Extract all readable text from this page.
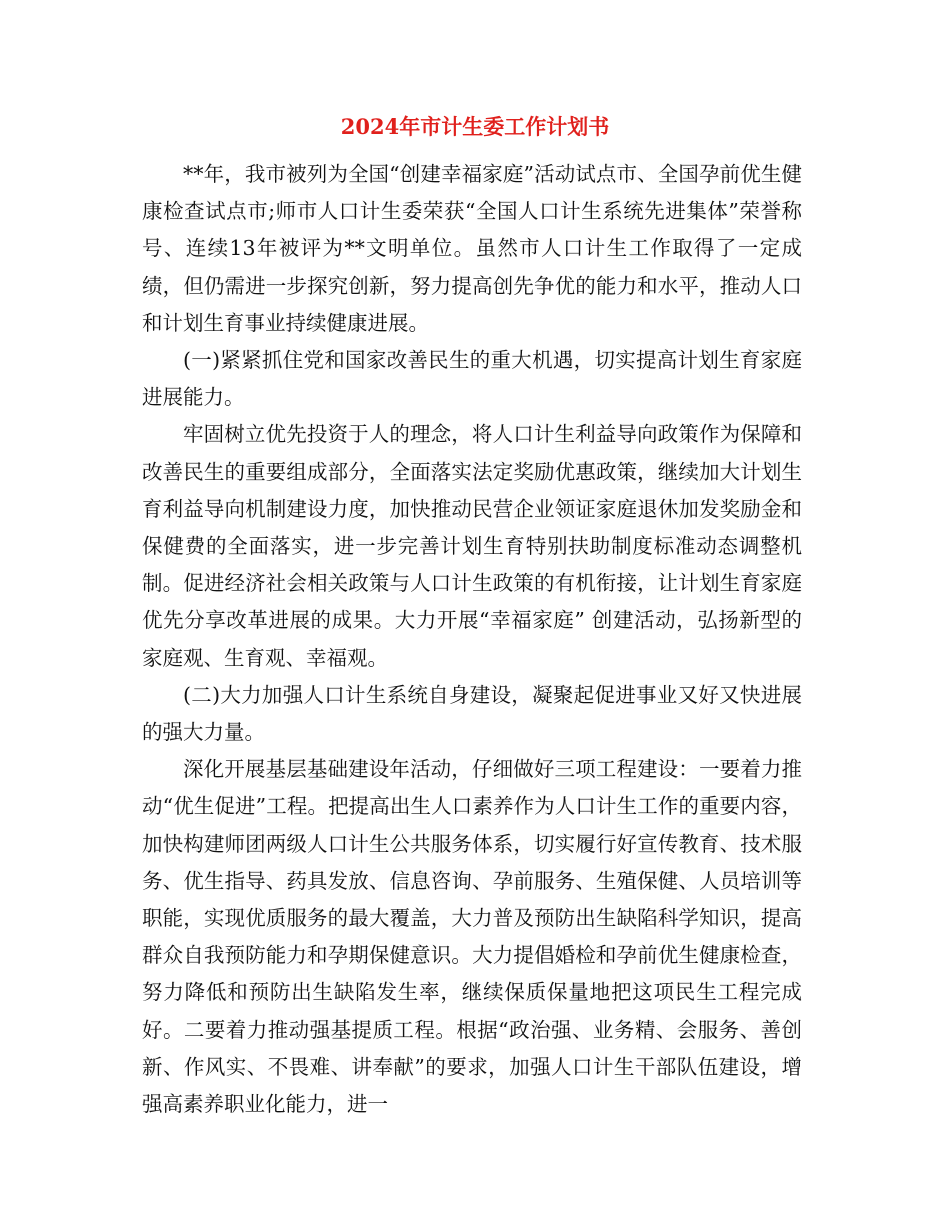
2024年市计生委工作计划书

**年，我市被列为全国“创建幸福家庭”活动试点市、全国孕前优生健康检查试点市;师市人口计生委荣获“全国人口计生系统先进集体”荣誉称号、连续13年被评为**文明单位。虽然市人口计生工作取得了一定成绩，但仍需进一步探究创新，努力提高创先争优的能力和水平，推动人口和计划生育事业持续健康进展。

(一)紧紧抓住党和国家改善民生的重大机遇，切实提高计划生育家庭进展能力。

牢固树立优先投资于人的理念，将人口计生利益导向政策作为保障和改善民生的重要组成部分，全面落实法定奖励优惠政策，继续加大计划生育利益导向机制建设力度，加快推动民营企业领证家庭退休加发奖励金和保健费的全面落实，进一步完善计划生育特别扶助制度标准动态调整机制。促进经济社会相关政策与人口计生政策的有机衔接，让计划生育家庭优先分享改革进展的成果。大力开展“幸福家庭” 创建活动，弘扬新型的家庭观、生育观、幸福观。

(二)大力加强人口计生系统自身建设，凝聚起促进事业又好又快进展的强大力量。

深化开展基层基础建设年活动，仔细做好三项工程建设：一要着力推动“优生促进”工程。把提高出生人口素养作为人口计生工作的重要内容，加快构建师团两级人口计生公共服务体系，切实履行好宣传教育、技术服务、优生指导、药具发放、信息咨询、孕前服务、生殖保健、人员培训等职能，实现优质服务的最大覆盖，大力普及预防出生缺陷科学知识，提高群众自我预防能力和孕期保健意识。大力提倡婚检和孕前优生健康检查，努力降低和预防出生缺陷发生率，继续保质保量地把这项民生工程完成好。二要着力推动强基提质工程。根据“政治强、业务精、会服务、善创新、作风实、不畏难、讲奉献”的要求，加强人口计生干部队伍建设，增强高素养职业化能力，进一
